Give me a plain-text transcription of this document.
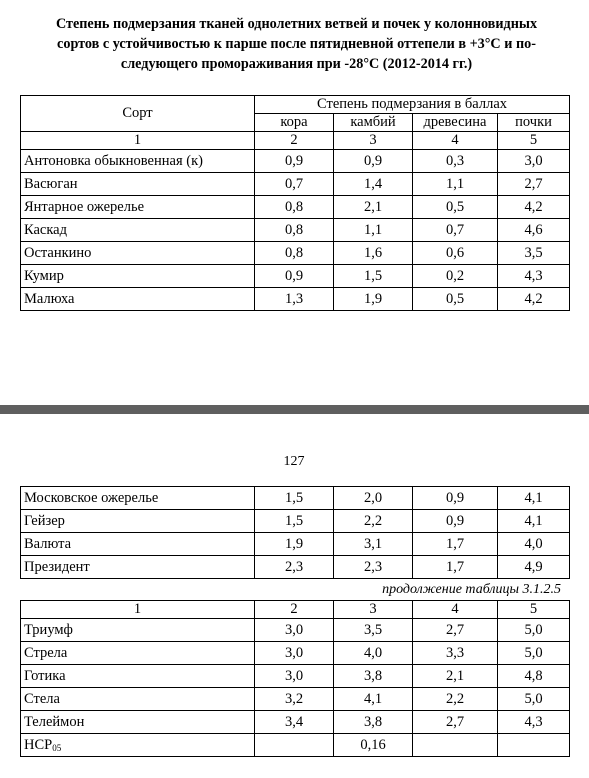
Степень подмерзания тканей однолетних ветвей и почек у колонновидных
сортов с устойчивостью к парше после пятидневной оттепели в +3°С и по-
следующего промораживания при -28°С (2012-2014 гг.)
Сорт	Степень подмерзания в баллах			
	кора	камбий	древесина	почки
1	2	3	4	5
Антоновка обыкновенная (к)	0,9	0,9	0,3	3,0
Васюган	0,7	1,4	1,1	2,7
Янтарное ожерелье	0,8	2,1	0,5	4,2
Каскад	0,8	1,1	0,7	4,6
Останкино	0,8	1,6	0,6	3,5
Кумир	0,9	1,5	0,2	4,3
Малюха	1,3	1,9	0,5	4,2
127
Московское ожерелье	1,5	2,0	0,9	4,1
Гейзер	1,5	2,2	0,9	4,1
Валюта	1,9	3,1	1,7	4,0
Президент	2,3	2,3	1,7	4,9
продолжение таблицы 3.1.2.5
1	2	3	4	5
Триумф	3,0	3,5	2,7	5,0
Стрела	3,0	4,0	3,3	5,0
Готика	3,0	3,8	2,1	4,8
Стела	3,2	4,1	2,2	5,0
Телеймон	3,4	3,8	2,7	4,3
$НСР_{05}$		0,16		
